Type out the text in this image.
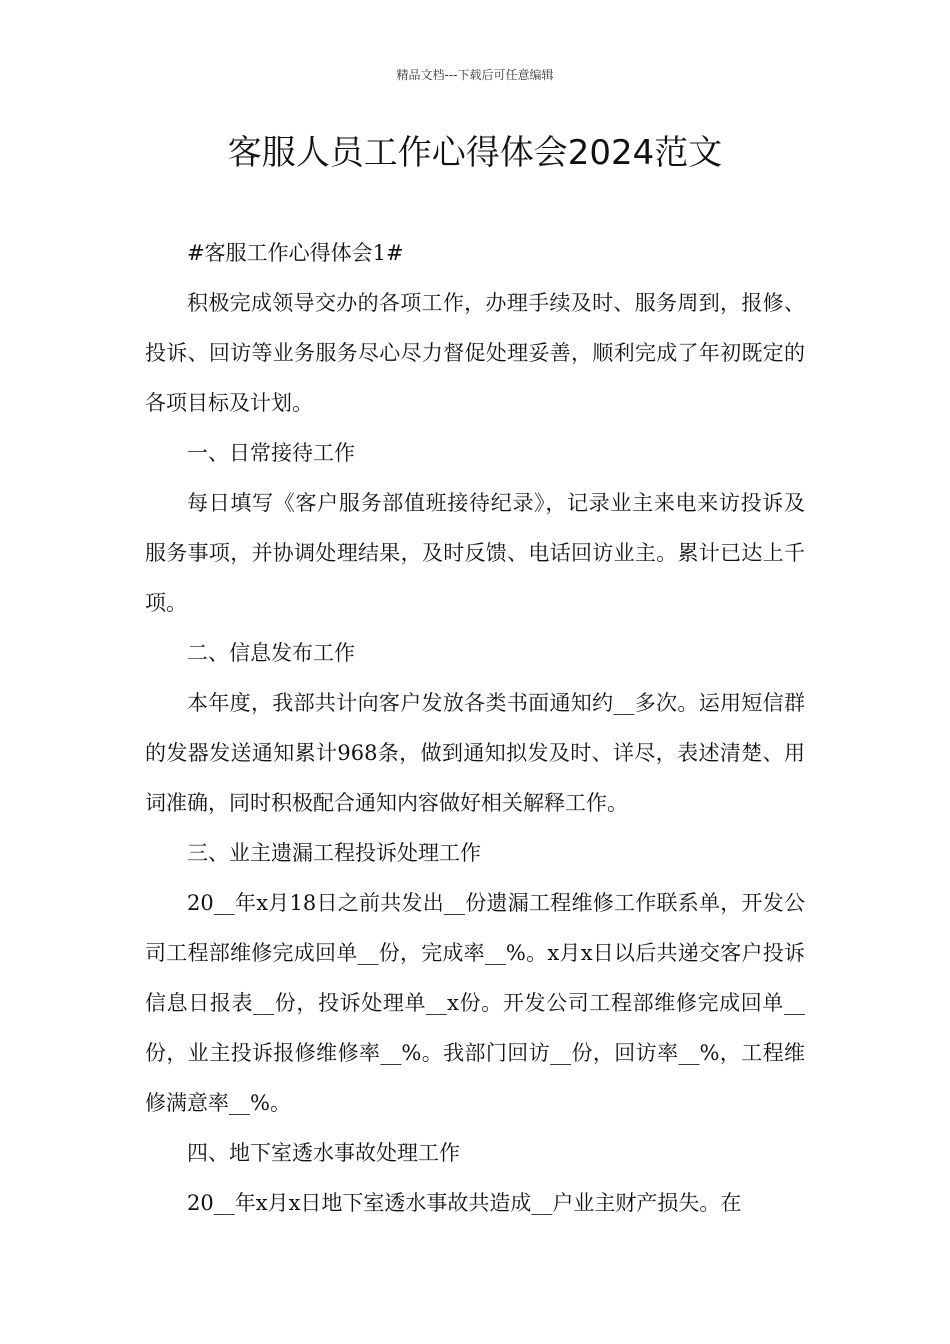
精品文档---下载后可任意编辑
客服人员工作心得体会2024范文

#客服工作心得体会1#

积极完成领导交办的各项工作，办理手续及时、服务周到，报修、投诉、回访等业务服务尽心尽力督促处理妥善，顺利完成了年初既定的各项目标及计划。

一、日常接待工作

每日填写《客户服务部值班接待纪录》，记录业主来电来访投诉及服务事项，并协调处理结果，及时反馈、电话回访业主。累计已达上千项。

二、信息发布工作

本年度，我部共计向客户发放各类书面通知约__多次。运用短信群的发器发送通知累计968条，做到通知拟发及时、详尽，表述清楚、用词准确，同时积极配合通知内容做好相关解释工作。

三、业主遗漏工程投诉处理工作

20__年x月18日之前共发出__份遗漏工程维修工作联系单，开发公司工程部维修完成回单__份，完成率__%。x月x日以后共递交客户投诉信息日报表__份，投诉处理单__x份。开发公司工程部维修完成回单__份，业主投诉报修维修率__%。我部门回访__份，回访率__%，工程维修满意率__%。

四、地下室透水事故处理工作

20__年x月x日地下室透水事故共造成__户业主财产损失。在
